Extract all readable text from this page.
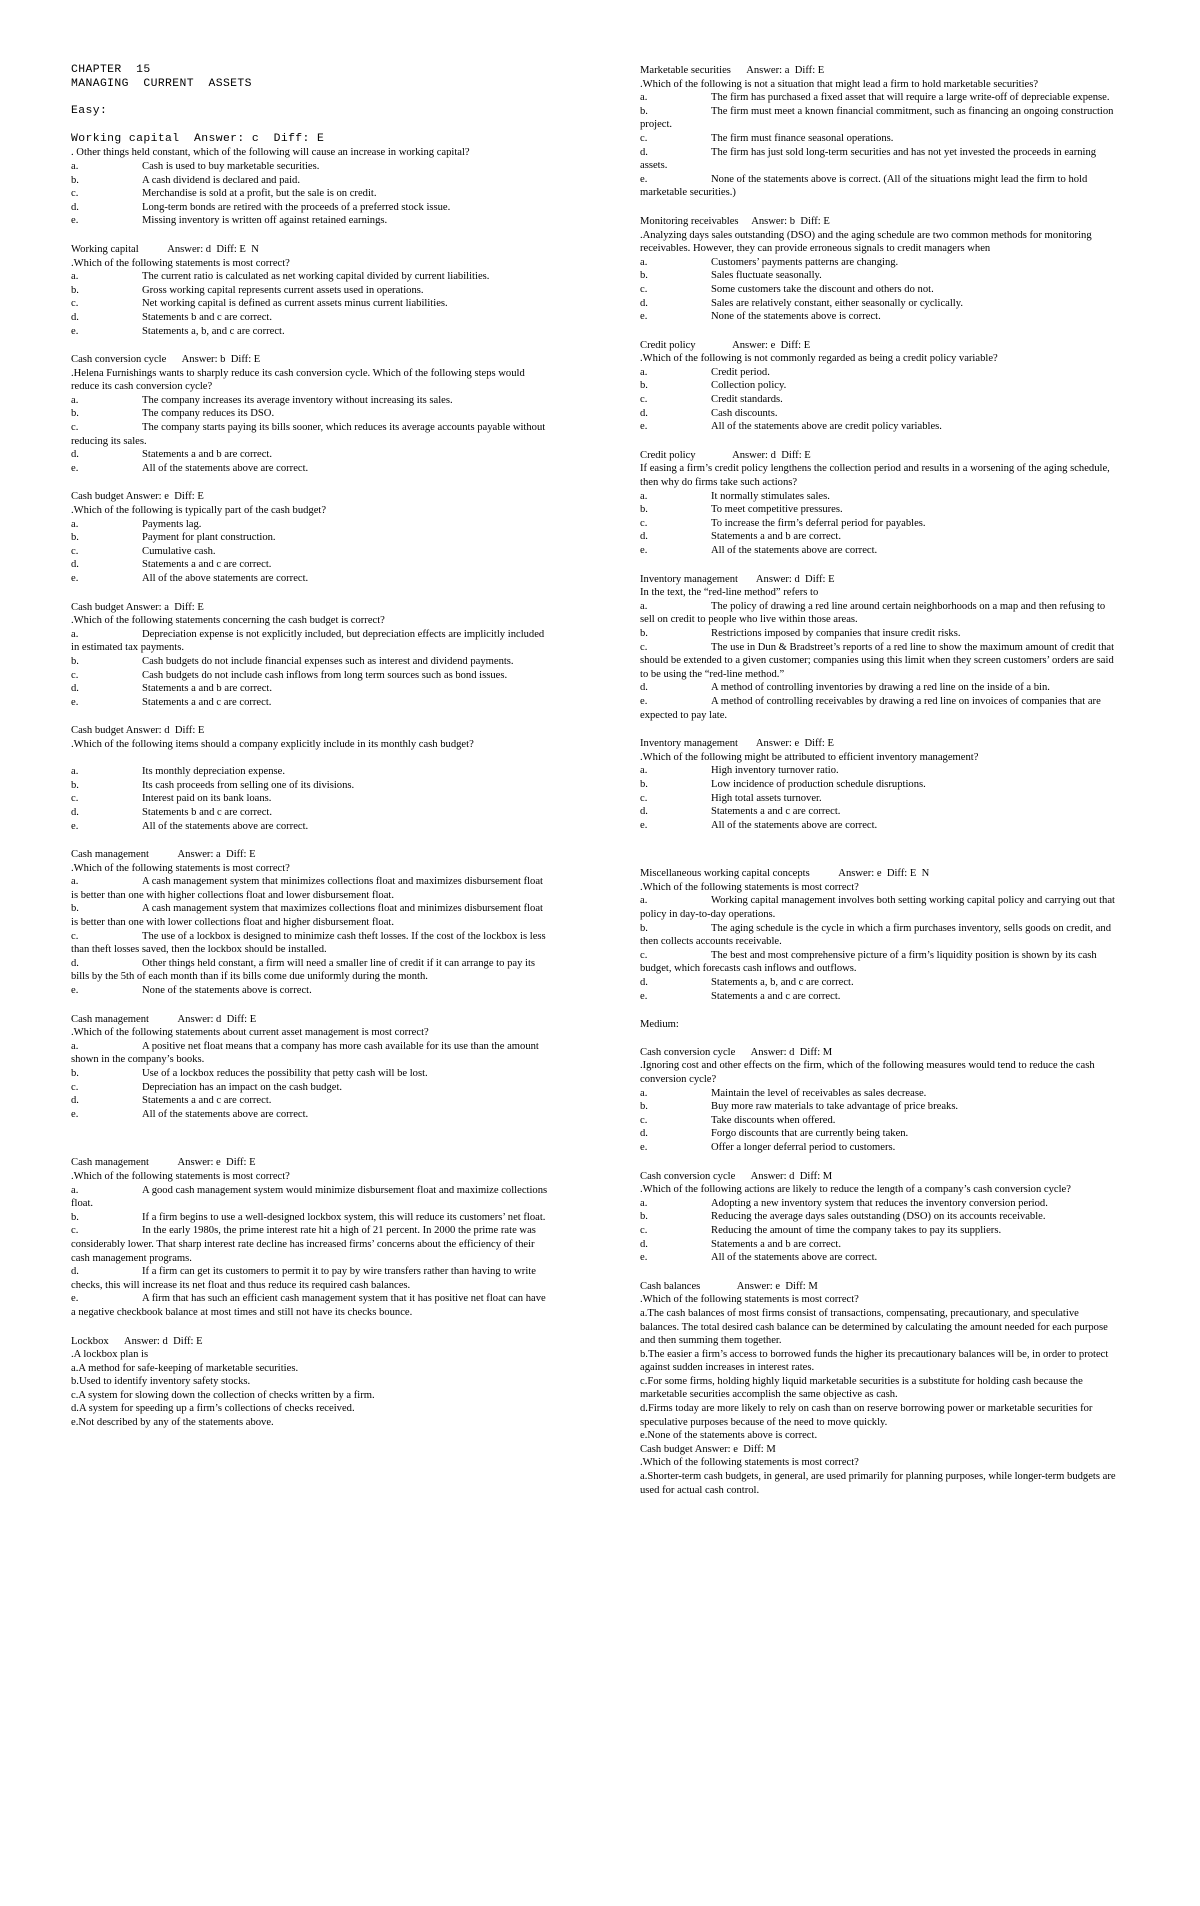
CHAPTER  15
MANAGING  CURRENT  ASSETS
Easy:
Working capital  Answer: c  Diff: E
. Other things held constant, which of the following will cause an increase in working capital?
a.	Cash is used to buy marketable securities.
b.	A cash dividend is declared and paid.
c.	Merchandise is sold at a profit, but the sale is on credit.
d.	Long-term bonds are retired with the proceeds of a preferred stock issue.
e.	Missing inventory is written off against retained earnings.
Working capital           Answer: d  Diff: E  N
.Which of the following statements is most correct?
a.	The current ratio is calculated as net working capital divided by current liabilities.
b.	Gross working capital represents current assets used in operations.
c.	Net working capital is defined as current assets minus current liabilities.
d.	Statements b and c are correct.
e.	Statements a, b, and c are correct.
Cash conversion cycle      Answer: b  Diff: E
.Helena Furnishings wants to sharply reduce its cash conversion cycle. Which of the following steps would reduce its cash conversion cycle?
a.	The company increases its average inventory without increasing its sales.
b.	The company reduces its DSO.
c.	The company starts paying its bills sooner, which reduces its average accounts payable without reducing its sales.
d.	Statements a and b are correct.
e.	All of the statements above are correct.
Cash budget Answer: e  Diff: E
.Which of the following is typically part of the cash budget?
a.	Payments lag.
b.	Payment for plant construction.
c.	Cumulative cash.
d.	Statements a and c are correct.
e.	All of the above statements are correct.
Cash budget Answer: a  Diff: E
.Which of the following statements concerning the cash budget is correct?
a.	Depreciation expense is not explicitly included, but depreciation effects are implicitly included in estimated tax payments.
b.	Cash budgets do not include financial expenses such as interest and dividend payments.
c.	Cash budgets do not include cash inflows from long term sources such as bond issues.
d.	Statements a and b are correct.
e.	Statements a and c are correct.
Cash budget Answer: d  Diff: E
.Which of the following items should a company explicitly include in its monthly cash budget?
a.	Its monthly depreciation expense.
b.	Its cash proceeds from selling one of its divisions.
c.	Interest paid on its bank loans.
d.	Statements b and c are correct.
e.	All of the statements above are correct.
Cash management           Answer: a  Diff: E
.Which of the following statements is most correct?
a.	A cash management system that minimizes collections float and maximizes disbursement float is better than one with higher collections float and lower disbursement float.
b.	A cash management system that maximizes collections float and minimizes disbursement float is better than one with lower collections float and higher disbursement float.
c.	The use of a lockbox is designed to minimize cash theft losses. If the cost of the lockbox is less than theft losses saved, then the lockbox should be installed.
d.	Other things held constant, a firm will need a smaller line of credit if it can arrange to pay its bills by the 5th of each month than if its bills come due uniformly during the month.
e.	None of the statements above is correct.
Cash management           Answer: d  Diff: E
.Which of the following statements about current asset management is most correct?
a.	A positive net float means that a company has more cash available for its use than the amount shown in the company’s books.
b.	Use of a lockbox reduces the possibility that petty cash will be lost.
c.	Depreciation has an impact on the cash budget.
d.	Statements a and c are correct.
e.	All of the statements above are correct.
Cash management           Answer: e  Diff: E
.Which of the following statements is most correct?
a.	A good cash management system would minimize disbursement float and maximize collections float.
b.	If a firm begins to use a well-designed lockbox system, this will reduce its customers’ net float.
c.	In the early 1980s, the prime interest rate hit a high of 21 percent. In 2000 the prime rate was considerably lower. That sharp interest rate decline has increased firms’ concerns about the efficiency of their cash management programs.
d.	If a firm can get its customers to permit it to pay by wire transfers rather than having to write checks, this will increase its net float and thus reduce its required cash balances.
e.	A firm that has such an efficient cash management system that it has positive net float can have a negative checkbook balance at most times and still not have its checks bounce.
Lockbox      Answer: d  Diff: E
.A lockbox plan is
a.A method for safe-keeping of marketable securities.
b.Used to identify inventory safety stocks.
c.A system for slowing down the collection of checks written by a firm.
d.A system for speeding up a firm’s collections of checks received.
e.Not described by any of the statements above.
Marketable securities      Answer: a  Diff: E
.Which of the following is not a situation that might lead a firm to hold marketable securities?
a.	The firm has purchased a fixed asset that will require a large write-off of depreciable expense.
b.	The firm must meet a known financial commitment, such as financing an ongoing construction project.
c.	The firm must finance seasonal operations.
d.	The firm has just sold long-term securities and has not yet invested the proceeds in earning assets.
e.	None of the statements above is correct. (All of the situations might lead the firm to hold marketable securities.)
Monitoring receivables     Answer: b  Diff: E
.Analyzing days sales outstanding (DSO) and the aging schedule are two common methods for monitoring receivables. However, they can provide erroneous signals to credit managers when
a.	Customers’ payments patterns are changing.
b.	Sales fluctuate seasonally.
c.	Some customers take the discount and others do not.
d.	Sales are relatively constant, either seasonally or cyclically.
e.	None of the statements above is correct.
Credit policy              Answer: e  Diff: E
.Which of the following is not commonly regarded as being a credit policy variable?
a.	Credit period.
b.	Collection policy.
c.	Credit standards.
d.	Cash discounts.
e.	All of the statements above are credit policy variables.
Credit policy              Answer: d  Diff: E
If easing a firm’s credit policy lengthens the collection period and results in a worsening of the aging schedule, then why do firms take such actions?
a.	It normally stimulates sales.
b.	To meet competitive pressures.
c.	To increase the firm’s deferral period for payables.
d.	Statements a and b are correct.
e.	All of the statements above are correct.
Inventory management       Answer: d  Diff: E
In the text, the “red-line method” refers to
a.	The policy of drawing a red line around certain neighborhoods on a map and then refusing to sell on credit to people who live within those areas.
b.	Restrictions imposed by companies that insure credit risks.
c.	The use in Dun & Bradstreet’s reports of a red line to show the maximum amount of credit that should be extended to a given customer; companies using this limit when they screen customers’ orders are said to be using the “red-line method.”
d.	A method of controlling inventories by drawing a red line on the inside of a bin.
e.	A method of controlling receivables by drawing a red line on invoices of companies that are expected to pay late.
Inventory management       Answer: e  Diff: E
.Which of the following might be attributed to efficient inventory management?
a.	High inventory turnover ratio.
b.	Low incidence of production schedule disruptions.
c.	High total assets turnover.
d.	Statements a and c are correct.
e.	All of the statements above are correct.
Miscellaneous working capital concepts           Answer: e  Diff: E  N
.Which of the following statements is most correct?
a.	Working capital management involves both setting working capital policy and carrying out that policy in day-to-day operations.
b.	The aging schedule is the cycle in which a firm purchases inventory, sells goods on credit, and then collects accounts receivable.
c.	The best and most comprehensive picture of a firm’s liquidity position is shown by its cash budget, which forecasts cash inflows and outflows.
d.	Statements a, b, and c are correct.
e.	Statements a and c are correct.
Medium:
Cash conversion cycle      Answer: d  Diff: M
.Ignoring cost and other effects on the firm, which of the following measures would tend to reduce the cash conversion cycle?
a.	Maintain the level of receivables as sales decrease.
b.	Buy more raw materials to take advantage of price breaks.
c.	Take discounts when offered.
d.	Forgo discounts that are currently being taken.
e.	Offer a longer deferral period to customers.
Cash conversion cycle      Answer: d  Diff: M
.Which of the following actions are likely to reduce the length of a company’s cash conversion cycle?
a.	Adopting a new inventory system that reduces the inventory conversion period.
b.	Reducing the average days sales outstanding (DSO) on its accounts receivable.
c.	Reducing the amount of time the company takes to pay its suppliers.
d.	Statements a and b are correct.
e.	All of the statements above are correct.
Cash balances              Answer: e  Diff: M
.Which of the following statements is most correct?
a.The cash balances of most firms consist of transactions, compensating, precautionary, and speculative balances. The total desired cash balance can be determined by calculating the amount needed for each purpose and then summing them together.
b.The easier a firm’s access to borrowed funds the higher its precautionary balances will be, in order to protect against sudden increases in interest rates.
c.For some firms, holding highly liquid marketable securities is a substitute for holding cash because the marketable securities accomplish the same objective as cash.
d.Firms today are more likely to rely on cash than on reserve borrowing power or marketable securities for speculative purposes because of the need to move quickly.
e.None of the statements above is correct.
Cash budget Answer: e  Diff: M
.Which of the following statements is most correct?
a.Shorter-term cash budgets, in general, are used primarily for planning purposes, while longer-term budgets are used for actual cash control.
